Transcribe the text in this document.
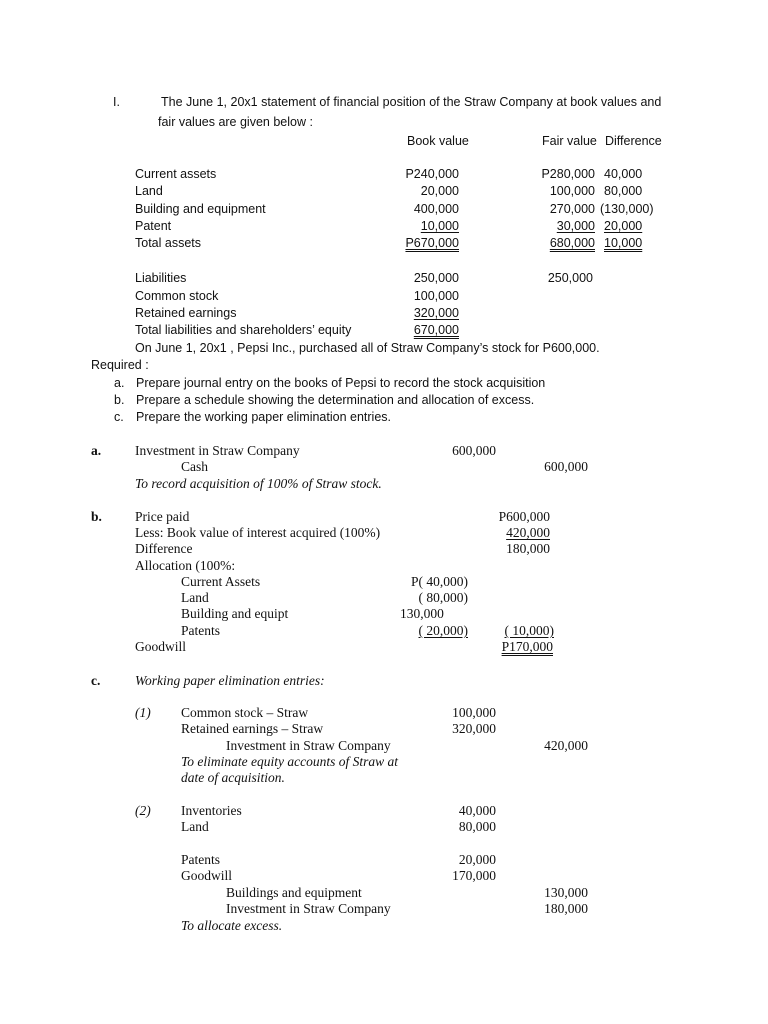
I.	The June 1, 20x1 statement of financial position of the Straw Company at book values and
fair values are given below :
Book value	Fair value Difference
Current assets	P240,000	P280,000 40,000
Land	20,000	100,000 80,000
Building and equipment	400,000	270,000 (130,000)
Patent	10,000	30,000 20,000
Total assets	P670,000	680,000 10,000
Liabilities	250,000	250,000
Common stock	100,000
Retained earnings	320,000
Total liabilities and shareholders’ equity	670,000
On June 1, 20x1 , Pepsi Inc., purchased all of Straw Company’s stock for P600,000.
Required :
a. Prepare journal entry on the books of Pepsi to record the stock acquisition
b. Prepare a schedule showing the determination and allocation of excess.
c. Prepare the working paper elimination entries.
a.	Investment in Straw Company	600,000
Cash	600,000
To record acquisition of 100% of Straw stock.
b. Price paid	P600,000
Less: Book value of interest acquired (100%)	420,000
Difference	180,000
Allocation (100%:
Current Assets	P( 40,000)
Land	( 80,000)
Building and equipt	130,000
Patents	( 20,000)	( 10,000)
Goodwill	P170,000
c.	Working paper elimination entries:
(1) Common stock – Straw	100,000
Retained earnings – Straw	320,000
Investment in Straw Company	420,000
To eliminate equity accounts of Straw at
date of acquisition.
(2) Inventories	40,000
Land	80,000
Patents	20,000
Goodwill	170,000
Buildings and equipment	130,000
Investment in Straw Company	180,000
To allocate excess.
